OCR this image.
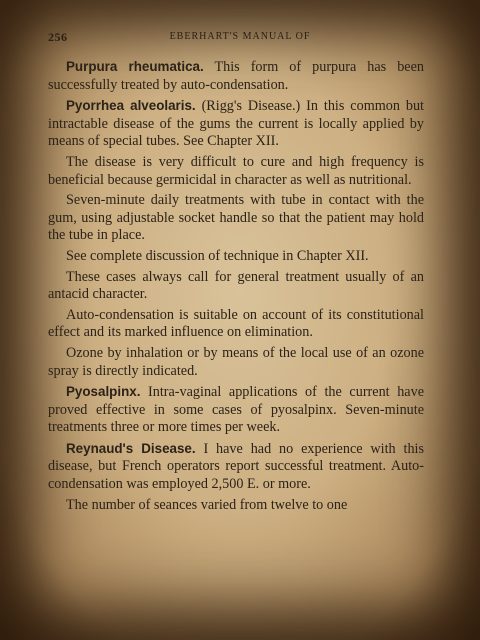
256	EBERHART'S MANUAL OF

Purpura rheumatica. This form of purpura has been successfully treated by auto-condensation.

Pyorrhea alveolaris. (Rigg's Disease.) In this common but intractable disease of the gums the current is locally applied by means of special tubes. See Chapter XII.

The disease is very difficult to cure and high frequency is beneficial because germicidal in character as well as nutritional.

Seven-minute daily treatments with tube in contact with the gum, using adjustable socket handle so that the patient may hold the tube in place.

See complete discussion of technique in Chapter XII.

These cases always call for general treatment usually of an antacid character.

Auto-condensation is suitable on account of its constitutional effect and its marked influence on elimination.

Ozone by inhalation or by means of the local use of an ozone spray is directly indicated.

Pyosalpinx. Intra-vaginal applications of the current have proved effective in some cases of pyosalpinx. Seven-minute treatments three or more times per week.

Reynaud's Disease. I have had no experience with this disease, but French operators report successful treatment. Auto-condensation was employed 2,500 E. or more.

The number of seances varied from twelve to one
